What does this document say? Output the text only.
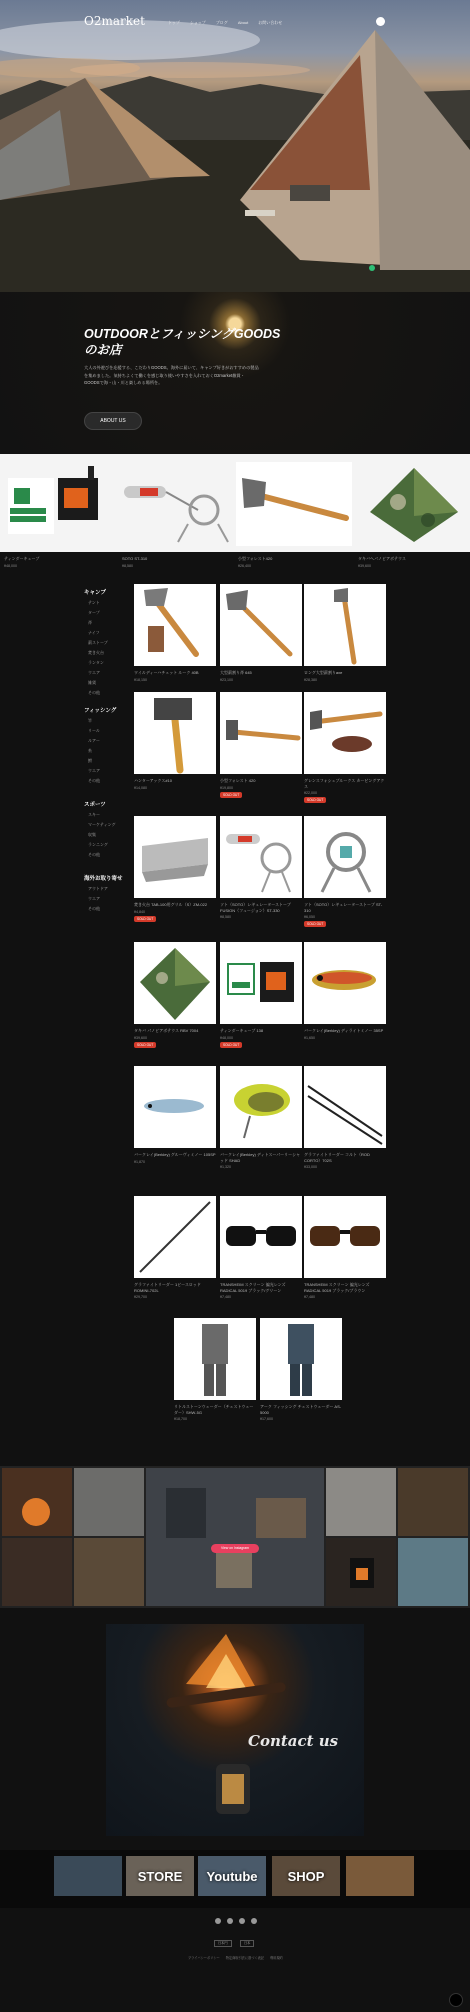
O2market	トップ	ショップ	ブログ	About	お問い合わせ
OUTDOORとフィッシングGOODSのお店

大人の外遊びを応援する、こだわりGOODS。海外に届いて、キャンプ好きがおすすめの製品を集めました。気持ちよくて働くを感じ取り使いやすさを入れておくO2market雑貨・GOODSで海・山・川と楽しめる場所を。

ABOUT US
ティンダーキューブ
¥48,000
SOTO ST-310
¥8,580
小型フォレスト420
¥26,400
タキバヘパノピアボテウス
¥39,600
キャンプ
テント
タープ
斧
ナイフ
薪ストーブ
焚き火台
ランタン
ウエア
雑貨
その他
フィッシング
竿
リール
ルアー
糸
鰐
ウエア
その他
スポーツ
スキー
マーケティング
収集
ランニング
その他
海外お取り寄せ
アウトドア
ウエア
その他
ワイルディーハチェット ルーク 40B
¥18,150
大型薪割り斧 645
¥23,100
ロング大型薪割りaxe
¥28,380
ハンターアックス#10
¥14,080
小型フォレスト 420
¥19,800
SOLD OUT
グレンスフォシュブルークス カービングアクス
¥22,000
SOLD OUT
焚き火台 TAB-100用グリル（S）ZM-022
¥4,840
SOLD OUT
ソト（SOTO）レギュレーターストーブ FUSION（フュージョン）ST-330
¥8,580
ソト（SOTO）レギュレーターストーブ ST-310
¥6,050
SOLD OUT
タキバ パノピアボテウス RBV 7004
¥39,600
SOLD OUT
ティンダーキューブ 138
¥48,000
SOLD OUT
バークレイ(Berkley) ディライトミノー 35SP
¥1,650
バークレイ(Berkley) グルーヴィミノー 105SP
¥1,870
バークレイ(Berkley) ディトスーパーリーシャッド SHAD
¥1,320
グラファイトリーダー コルト（ROD CORTO）702S
¥33,000
グラファイトリーダー 1ピースロッド ROMINI-702L
¥29,700
TRANSHEIM スクリーン 偏光レンズ RADICAL 5019 ブラック/グリーン
¥7,480
TRANSHEIM スクリーン 偏光レンズ RADICAL 5019 ブラック/ブラウン
¥7,480
リトルストーンウェーダー（チェストウェーダー）SHW-5G
¥18,700
アーク フィッシング チェストウェーダー AS-5000
¥17,600
View on Instagram
Contact us
STORE	Youtube	SHOP
日本円	日本
プライバシーポリシー 特定商取引法に基づく表記 利用規約
